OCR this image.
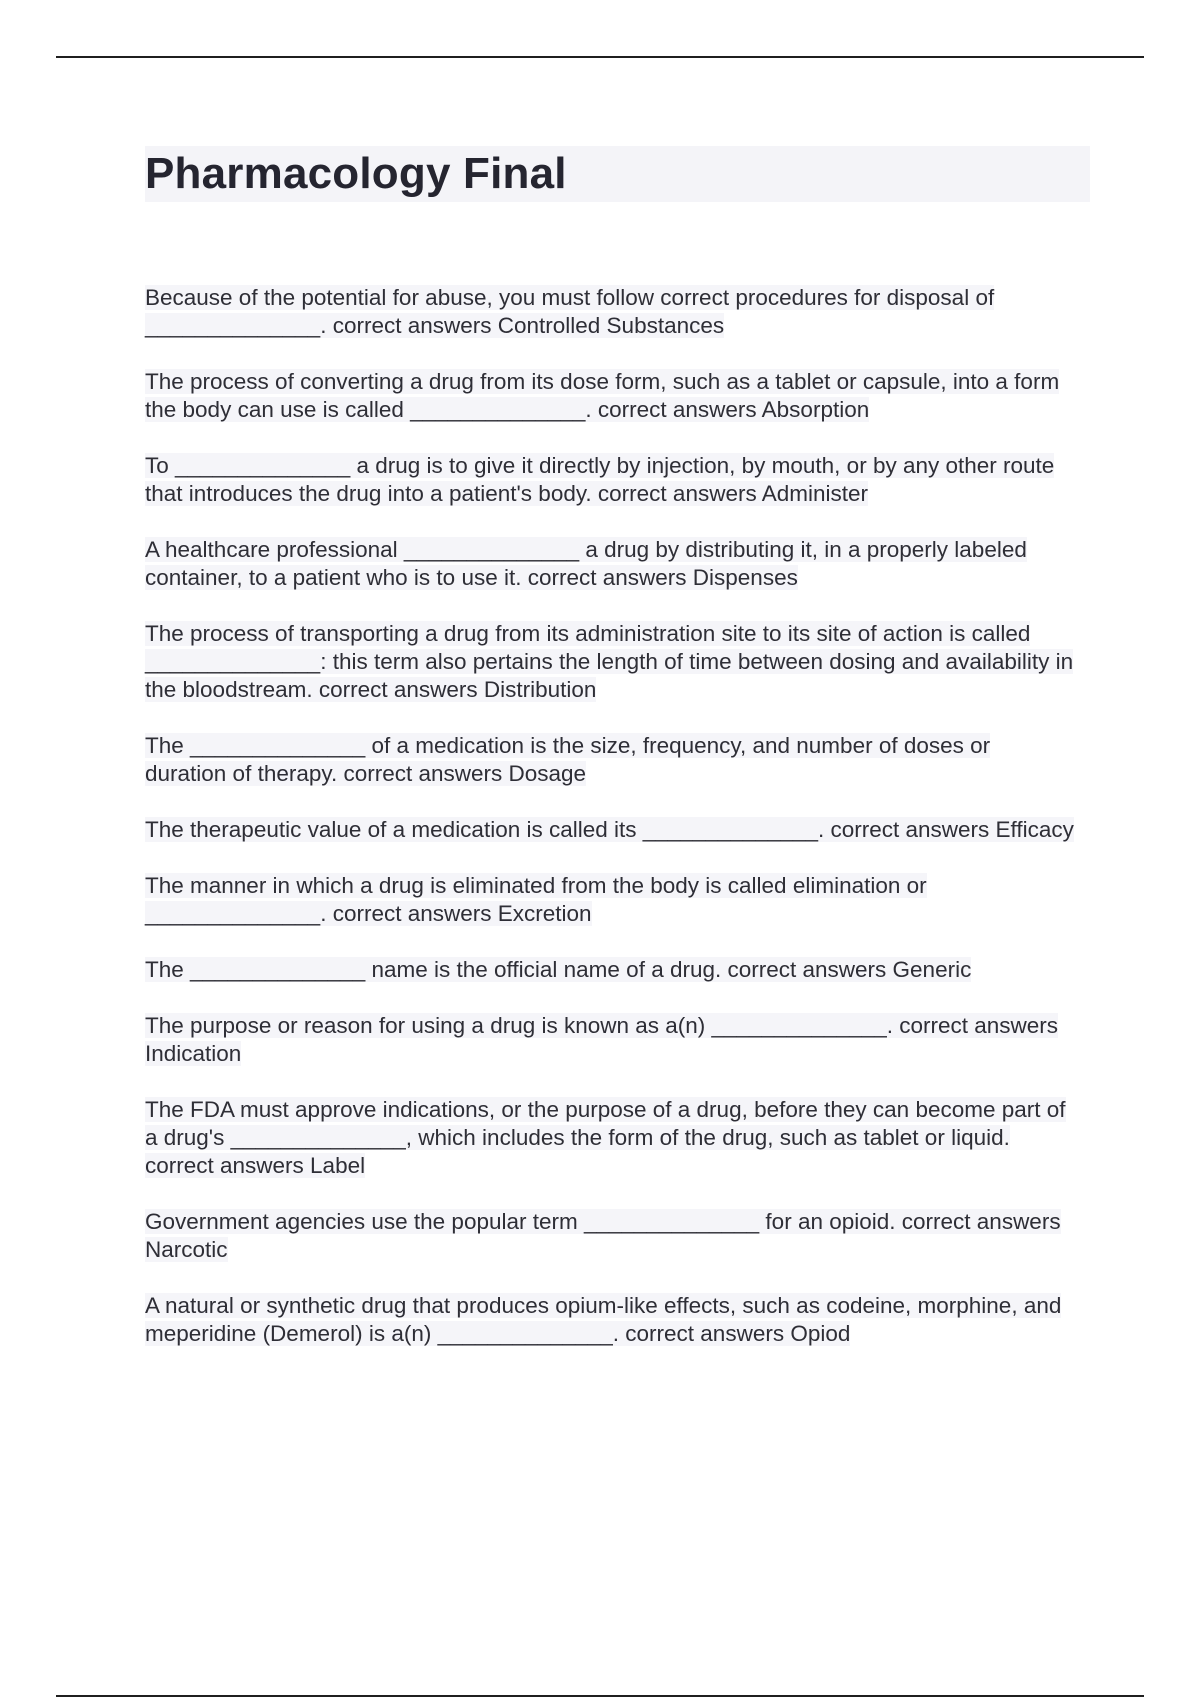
Pharmacology Final

Because of the potential for abuse, you must follow correct procedures for disposal of ______________. correct answers Controlled Substances

The process of converting a drug from its dose form, such as a tablet or capsule, into a form the body can use is called ______________. correct answers Absorption

To ______________ a drug is to give it directly by injection, by mouth, or by any other route that introduces the drug into a patient's body. correct answers Administer

A healthcare professional ______________ a drug by distributing it, in a properly labeled container, to a patient who is to use it. correct answers Dispenses

The process of transporting a drug from its administration site to its site of action is called ______________: this term also pertains the length of time between dosing and availability in the bloodstream. correct answers Distribution

The ______________ of a medication is the size, frequency, and number of doses or duration of therapy. correct answers Dosage

The therapeutic value of a medication is called its ______________. correct answers Efficacy

The manner in which a drug is eliminated from the body is called elimination or ______________. correct answers Excretion

The ______________ name is the official name of a drug. correct answers Generic

The purpose or reason for using a drug is known as a(n) ______________. correct answers Indication

The FDA must approve indications, or the purpose of a drug, before they can become part of a drug's ______________, which includes the form of the drug, such as tablet or liquid. correct answers Label

Government agencies use the popular term ______________ for an opioid. correct answers Narcotic

A natural or synthetic drug that produces opium-like effects, such as codeine, morphine, and meperidine (Demerol) is a(n) ______________. correct answers Opiod
